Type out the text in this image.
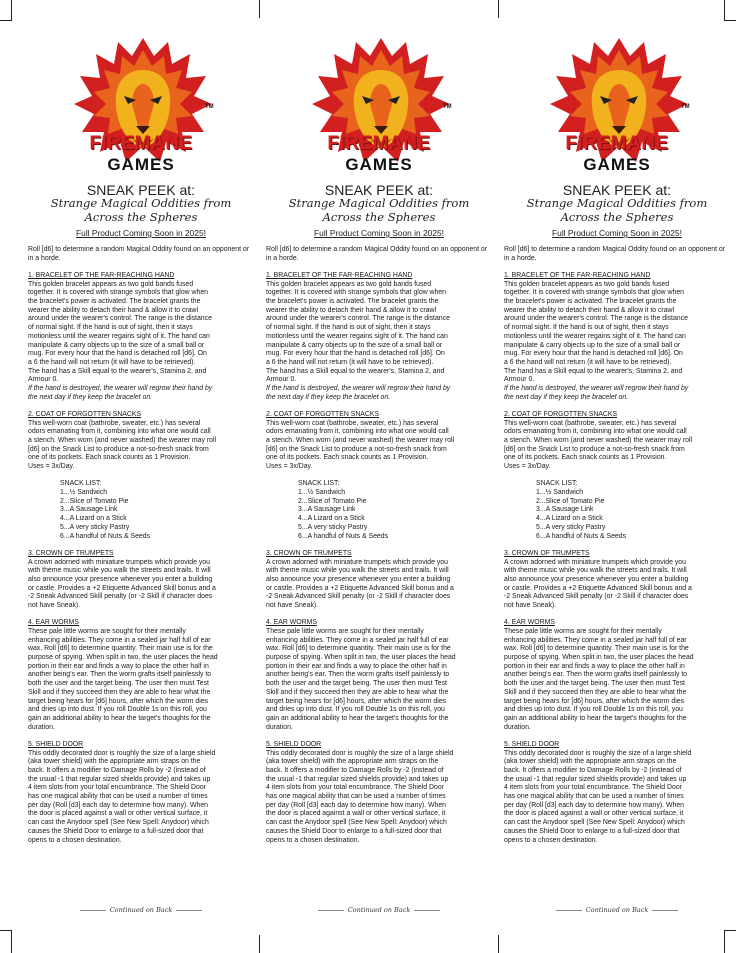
TM
FIREMANE
GAMES
SNEAK PEEK at:
Strange Magical Oddities from
Across the Spheres
Full Product Coming Soon in 2025!

Roll [d6] to determine a random Magical Oddity found on an opponent or in a horde.

1. BRACELET OF THE FAR-REACHING HAND

This golden bracelet appears as two gold bands fused

together. It is covered with strange symbols that glow when

the bracelet's power is activated. The bracelet grants the

wearer the ability to detach their hand & allow it to crawl

around under the wearer's control. The range is the distance

of normal sight. If the hand is out of sight, then it stays

motionless until the wearer regains sight of it. The hand can

manipulate & carry objects up to the size of a small ball or

mug. For every hour that the hand is detached roll [d6]. On

a 6 the hand will not return (it will have to be retrieved).

The hand has a Skill equal to the wearer's, Stamina 2, and

Armour 0.

If the hand is destroyed, the wearer will regrow their hand by

the next day if they keep the bracelet on.

2. COAT OF FORGOTTEN SNACKS

This well-worn coat (bathrobe, sweater, etc.) has several

odors emanating from it, combining into what one would call

a stench. When worn (and never washed) the wearer may roll

[d6] on the Snack List to produce a not-so-fresh snack from

one of its pockets. Each snack counts as 1 Provision.

Uses = 3x/Day.

SNACK LIST:

1...½ Sandwich

2...Slice of Tomato Pie

3...A Sausage Link

4...A Lizard on a Stick

5...A very sticky Pastry

6...A handful of Nuts & Seeds

3. CROWN OF TRUMPETS

A crown adorned with miniature trumpets which provide you

with theme music while you walk the streets and trails. It will

also announce your presence whenever you enter a building

or castle. Provides a +2 Etiquette Advanced Skill bonus and a

-2 Sneak Advanced Skill penalty (or -2 Skill if character does

not have Sneak).

4. EAR WORMS

These pale little worms are sought for their mentally

enhancing abilities. They come in a sealed jar half full of ear

wax. Roll [d6] to determine quantity. Their main use is for the

purpose of spying. When split in two, the user places the head

portion in their ear and finds a way to place the other half in

another being's ear. Then the worm grafts itself painlessly to

both the user and the target being. The user then must Test

Skill and if they succeed then they are able to hear what the

target being hears for [d6] hours, after which the worm dies

and dries up into dust. If you roll Double 1s on this roll, you

gain an additional ability to hear the target's thoughts for the

duration.

5. SHIELD DOOR

This oddly decorated door is roughly the size of a large shield

(aka tower shield) with the appropriate arm straps on the

back. It offers a modifier to Damage Rolls by -2 (instead of

the usual -1 that regular sized shields provide) and takes up

4 item slots from your total encumbrance. The Shield Door

has one magical ability that can be used a number of times

per day (Roll [d3] each day to determine how many). When

the door is placed against a wall or other vertical surface, it

can cast the Anydoor spell (See New Spell: Anydoor) which

causes the Shield Door to enlarge to a full-sized door that

opens to a chosen destination.

Continued on Back
TM
FIREMANE
GAMES
SNEAK PEEK at:
Strange Magical Oddities from
Across the Spheres
Full Product Coming Soon in 2025!

Roll [d6] to determine a random Magical Oddity found on an opponent or in a horde.

1. BRACELET OF THE FAR-REACHING HAND

This golden bracelet appears as two gold bands fused

together. It is covered with strange symbols that glow when

the bracelet's power is activated. The bracelet grants the

wearer the ability to detach their hand & allow it to crawl

around under the wearer's control. The range is the distance

of normal sight. If the hand is out of sight, then it stays

motionless until the wearer regains sight of it. The hand can

manipulate & carry objects up to the size of a small ball or

mug. For every hour that the hand is detached roll [d6]. On

a 6 the hand will not return (it will have to be retrieved).

The hand has a Skill equal to the wearer's, Stamina 2, and

Armour 0.

If the hand is destroyed, the wearer will regrow their hand by

the next day if they keep the bracelet on.

2. COAT OF FORGOTTEN SNACKS

This well-worn coat (bathrobe, sweater, etc.) has several

odors emanating from it, combining into what one would call

a stench. When worn (and never washed) the wearer may roll

[d6] on the Snack List to produce a not-so-fresh snack from

one of its pockets. Each snack counts as 1 Provision.

Uses = 3x/Day.

SNACK LIST:

1...½ Sandwich

2...Slice of Tomato Pie

3...A Sausage Link

4...A Lizard on a Stick

5...A very sticky Pastry

6...A handful of Nuts & Seeds

3. CROWN OF TRUMPETS

A crown adorned with miniature trumpets which provide you

with theme music while you walk the streets and trails. It will

also announce your presence whenever you enter a building

or castle. Provides a +2 Etiquette Advanced Skill bonus and a

-2 Sneak Advanced Skill penalty (or -2 Skill if character does

not have Sneak).

4. EAR WORMS

These pale little worms are sought for their mentally

enhancing abilities. They come in a sealed jar half full of ear

wax. Roll [d6] to determine quantity. Their main use is for the

purpose of spying. When split in two, the user places the head

portion in their ear and finds a way to place the other half in

another being's ear. Then the worm grafts itself painlessly to

both the user and the target being. The user then must Test

Skill and if they succeed then they are able to hear what the

target being hears for [d6] hours, after which the worm dies

and dries up into dust. If you roll Double 1s on this roll, you

gain an additional ability to hear the target's thoughts for the

duration.

5. SHIELD DOOR

This oddly decorated door is roughly the size of a large shield

(aka tower shield) with the appropriate arm straps on the

back. It offers a modifier to Damage Rolls by -2 (instead of

the usual -1 that regular sized shields provide) and takes up

4 item slots from your total encumbrance. The Shield Door

has one magical ability that can be used a number of times

per day (Roll [d3] each day to determine how many). When

the door is placed against a wall or other vertical surface, it

can cast the Anydoor spell (See New Spell: Anydoor) which

causes the Shield Door to enlarge to a full-sized door that

opens to a chosen destination.

Continued on Back
TM
FIREMANE
GAMES
SNEAK PEEK at:
Strange Magical Oddities from
Across the Spheres
Full Product Coming Soon in 2025!

Roll [d6] to determine a random Magical Oddity found on an opponent or in a horde.

1. BRACELET OF THE FAR-REACHING HAND

This golden bracelet appears as two gold bands fused

together. It is covered with strange symbols that glow when

the bracelet's power is activated. The bracelet grants the

wearer the ability to detach their hand & allow it to crawl

around under the wearer's control. The range is the distance

of normal sight. If the hand is out of sight, then it stays

motionless until the wearer regains sight of it. The hand can

manipulate & carry objects up to the size of a small ball or

mug. For every hour that the hand is detached roll [d6]. On

a 6 the hand will not return (it will have to be retrieved).

The hand has a Skill equal to the wearer's, Stamina 2, and

Armour 0.

If the hand is destroyed, the wearer will regrow their hand by

the next day if they keep the bracelet on.

2. COAT OF FORGOTTEN SNACKS

This well-worn coat (bathrobe, sweater, etc.) has several

odors emanating from it, combining into what one would call

a stench. When worn (and never washed) the wearer may roll

[d6] on the Snack List to produce a not-so-fresh snack from

one of its pockets. Each snack counts as 1 Provision.

Uses = 3x/Day.

SNACK LIST:

1...½ Sandwich

2...Slice of Tomato Pie

3...A Sausage Link

4...A Lizard on a Stick

5...A very sticky Pastry

6...A handful of Nuts & Seeds

3. CROWN OF TRUMPETS

A crown adorned with miniature trumpets which provide you

with theme music while you walk the streets and trails. It will

also announce your presence whenever you enter a building

or castle. Provides a +2 Etiquette Advanced Skill bonus and a

-2 Sneak Advanced Skill penalty (or -2 Skill if character does

not have Sneak).

4. EAR WORMS

These pale little worms are sought for their mentally

enhancing abilities. They come in a sealed jar half full of ear

wax. Roll [d6] to determine quantity. Their main use is for the

purpose of spying. When split in two, the user places the head

portion in their ear and finds a way to place the other half in

another being's ear. Then the worm grafts itself painlessly to

both the user and the target being. The user then must Test

Skill and if they succeed then they are able to hear what the

target being hears for [d6] hours, after which the worm dies

and dries up into dust. If you roll Double 1s on this roll, you

gain an additional ability to hear the target's thoughts for the

duration.

5. SHIELD DOOR

This oddly decorated door is roughly the size of a large shield

(aka tower shield) with the appropriate arm straps on the

back. It offers a modifier to Damage Rolls by -2 (instead of

the usual -1 that regular sized shields provide) and takes up

4 item slots from your total encumbrance. The Shield Door

has one magical ability that can be used a number of times

per day (Roll [d3] each day to determine how many). When

the door is placed against a wall or other vertical surface, it

can cast the Anydoor spell (See New Spell: Anydoor) which

causes the Shield Door to enlarge to a full-sized door that

opens to a chosen destination.

Continued on Back
